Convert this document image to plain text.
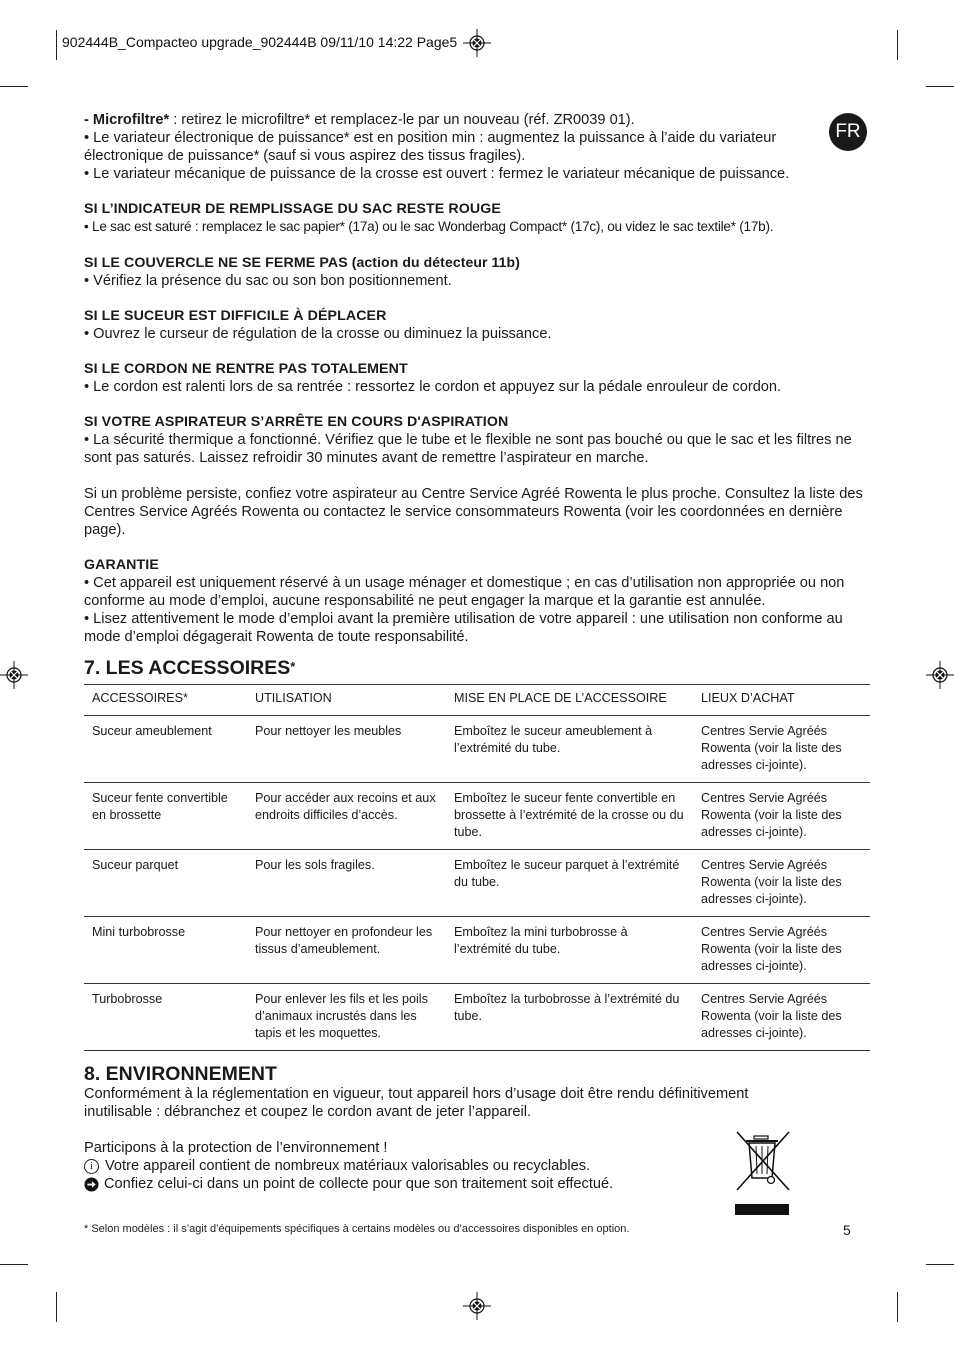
902444B_Compacteo upgrade_902444B 09/11/10 14:22 Page5
FR

- Microfiltre* : retirez le microfiltre* et remplacez-le par un nouveau (réf. ZR0039 01).

• Le variateur électronique de puissance* est en position min : augmentez la puissance à l’aide du variateur électronique de puissance* (sauf si vous aspirez des tissus fragiles).

• Le variateur mécanique de puissance de la crosse est ouvert : fermez le variateur mécanique de puissance.

SI L’INDICATEUR DE REMPLISSAGE DU SAC RESTE ROUGE

• Le sac est saturé : remplacez le sac papier* (17a) ou le sac Wonderbag Compact* (17c), ou videz le sac textile* (17b).

SI LE COUVERCLE NE SE FERME PAS (action du détecteur 11b)

• Vérifiez la présence du sac ou son bon positionnement.

SI LE SUCEUR EST DIFFICILE À DÉPLACER

• Ouvrez le curseur de régulation de la crosse ou diminuez la puissance.

SI LE CORDON NE RENTRE PAS TOTALEMENT

• Le cordon est ralenti lors de sa rentrée : ressortez le cordon et appuyez sur la pédale enrouleur de cordon.

SI VOTRE ASPIRATEUR S’ARRÊTE EN COURS D'ASPIRATION

• La sécurité thermique a fonctionné. Vérifiez que le tube et le flexible ne sont pas bouché ou que le sac et les filtres ne sont pas saturés. Laissez refroidir 30 minutes avant de remettre l’aspirateur en marche.

Si un problème persiste, confiez votre aspirateur au Centre Service Agréé Rowenta le plus proche. Consultez la liste des Centres Service Agréés Rowenta ou contactez le service consommateurs Rowenta (voir les coordonnées en dernière page).

GARANTIE

• Cet appareil est uniquement réservé à un usage ménager et domestique ; en cas d’utilisation non appropriée ou non conforme au mode d’emploi, aucune responsabilité ne peut engager la marque et la garantie est annulée.

• Lisez attentivement le mode d’emploi avant la première utilisation de votre appareil : une utilisation non conforme au mode d’emploi dégagerait Rowenta de toute responsabilité.

7. LES ACCESSOIRES*

ACCESSOIRES*	UTILISATION	MISE EN PLACE DE L’ACCESSOIRE	LIEUX D’ACHAT
Suceur ameublement	Pour nettoyer les meubles	Emboîtez le suceur ameublement à l’extrémité du tube.	Centres Servie Agréés Rowenta (voir la liste des adresses ci-jointe).
Suceur fente convertible en brossette	Pour accéder aux recoins et aux endroits difficiles d’accès.	Emboîtez le suceur fente convertible en brossette à l’extrémité de la crosse ou du tube.	Centres Servie Agréés Rowenta (voir la liste des adresses ci-jointe).
Suceur parquet	Pour les sols fragiles.	Emboîtez le suceur parquet à l’extrémité du tube.	Centres Servie Agréés Rowenta (voir la liste des adresses ci-jointe).
Mini turbobrosse	Pour nettoyer en profondeur les tissus d’ameublement.	Emboîtez la mini turbobrosse à l’extrémité du tube.	Centres Servie Agréés Rowenta (voir la liste des adresses ci-jointe).
Turbobrosse	Pour enlever les fils et les poils d’animaux incrustés dans les tapis et les moquettes.	Emboîtez la turbobrosse à l’extrémité du tube.	Centres Servie Agréés Rowenta (voir la liste des adresses ci-jointe).

8. ENVIRONNEMENT

Conformément à la réglementation en vigueur, tout appareil hors d’usage doit être rendu définitivement inutilisable : débranchez et coupez le cordon avant de jeter l’appareil.

Participons à la protection de l’environnement !

i Votre appareil contient de nombreux matériaux valorisables ou recyclables.

Confiez celui-ci dans un point de collecte pour que son traitement soit effectué.

* Selon modèles : il s’agit d’équipements spécifiques à certains modèles ou d’accessoires disponibles en option.	5
